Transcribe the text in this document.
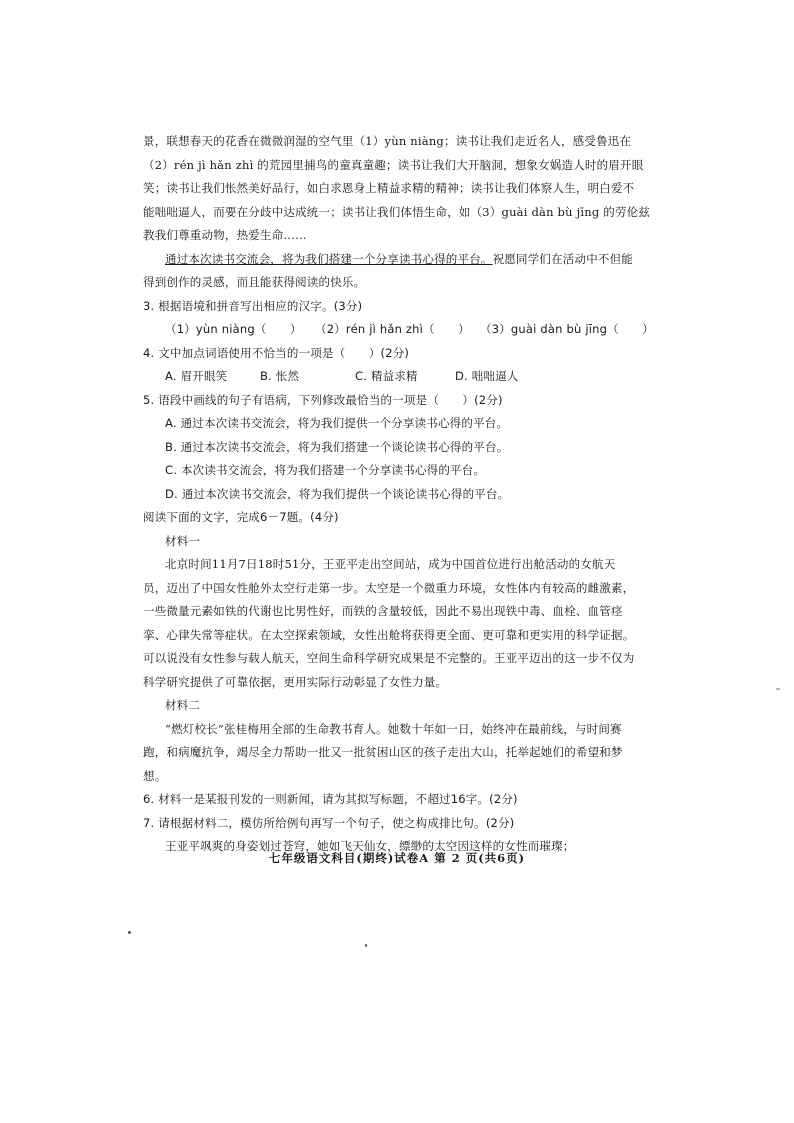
景，联想春天的花香在微微润湿的空气里（1）yùn niàng；读书让我们走近名人，感受鲁迅在
（2）rén jì hǎn zhì 的荒园里捕鸟的童真童趣；读书让我们大开脑洞，想象女娲造人时的眉开眼
笑；读书让我们怅然美好品行，如白求恩身上精益求精的精神；读书让我们体察人生，明白爱不
能咄咄逼人，而要在分歧中达成统一；读书让我们体悟生命，如（3）guài dàn bù jīng 的劳伦兹
教我们尊重动物，热爱生命……
通过本次读书交流会，将为我们搭建一个分享读书心得的平台。祝愿同学们在活动中不但能
得到创作的灵感，而且能获得阅读的快乐。
3. 根据语境和拼音写出相应的汉字。(3分)
（1）yùn niàng（　　）	（2）rén jì hǎn zhì（　　） （3）guài dàn bù jīng（　　）
4. 文中加点词语使用不恰当的一项是（　　）(2分)
A. 眉开眼笑	B. 怅然	C. 精益求精	D. 咄咄逼人
5. 语段中画线的句子有语病，下列修改最恰当的一项是（　　）(2分)
A. 通过本次读书交流会，将为我们提供一个分享读书心得的平台。
B. 通过本次读书交流会，将为我们搭建一个谈论读书心得的平台。
C. 本次读书交流会，将为我们搭建一个分享读书心得的平台。
D. 通过本次读书交流会，将为我们提供一个谈论读书心得的平台。
阅读下面的文字，完成6－7题。(4分)
材料一
北京时间11月7日18时51分，王亚平走出空间站，成为中国首位进行出舱活动的女航天
员，迈出了中国女性舱外太空行走第一步。太空是一个微重力环境，女性体内有较高的雌激素，
一些微量元素如铁的代谢也比男性好，而铁的含量较低，因此不易出现铁中毒、血栓、血管痉
挛、心律失常等症状。在太空探索领域，女性出舱将获得更全面、更可靠和更实用的科学证据。
可以说没有女性参与载人航天，空间生命科学研究成果是不完整的。王亚平迈出的这一步不仅为
科学研究提供了可靠依据，更用实际行动彰显了女性力量。
材料二
“燃灯校长”张桂梅用全部的生命教书育人。她数十年如一日，始终冲在最前线，与时间赛
跑，和病魔抗争，竭尽全力帮助一批又一批贫困山区的孩子走出大山，托举起她们的希望和梦
想。
6. 材料一是某报刊发的一则新闻，请为其拟写标题，不超过16字。(2分)
7. 请根据材料二，模仿所给例句再写一个句子，使之构成排比句。(2分)
王亚平飒爽的身姿划过苍穹，她如飞天仙女，缥缈的太空因这样的女性而璀璨；
七年级语文科目(期终)试卷A 第 2 页(共6页)
